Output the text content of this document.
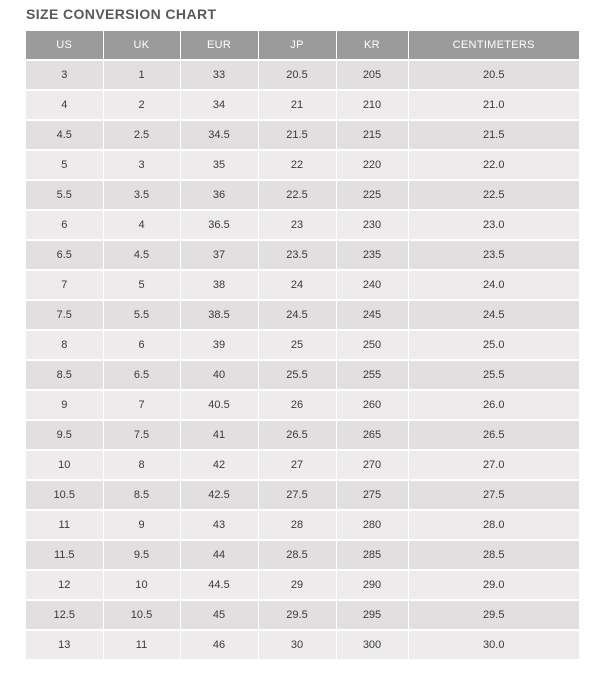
SIZE CONVERSION CHART
US	UK	EUR	JP	KR	CENTIMETERS
3	1	33	20.5	205	20.5
4	2	34	21	210	21.0
4.5	2.5	34.5	21.5	215	21.5
5	3	35	22	220	22.0
5.5	3.5	36	22.5	225	22.5
6	4	36.5	23	230	23.0
6.5	4.5	37	23.5	235	23.5
7	5	38	24	240	24.0
7.5	5.5	38.5	24.5	245	24.5
8	6	39	25	250	25.0
8.5	6.5	40	25.5	255	25.5
9	7	40.5	26	260	26.0
9.5	7.5	41	26.5	265	26.5
10	8	42	27	270	27.0
10.5	8.5	42.5	27.5	275	27.5
11	9	43	28	280	28.0
11.5	9.5	44	28.5	285	28.5
12	10	44.5	29	290	29.0
12.5	10.5	45	29.5	295	29.5
13	11	46	30	300	30.0
